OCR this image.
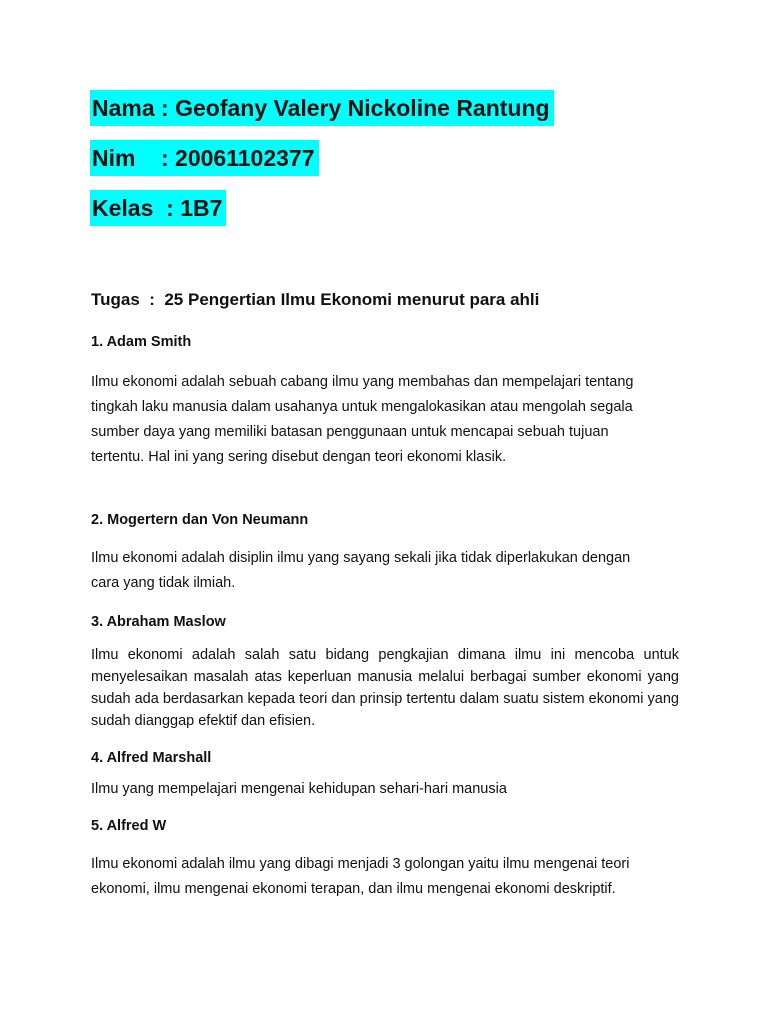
Nama : Geofany Valery Nickoline Rantung
Nim    : 20061102377
Kelas  : 1B7
Tugas  :  25 Pengertian Ilmu Ekonomi menurut para ahli
1. Adam Smith

Ilmu ekonomi adalah sebuah cabang ilmu yang membahas dan mempelajari tentang tingkah laku manusia dalam usahanya untuk mengalokasikan atau mengolah segala sumber daya yang memiliki batasan penggunaan untuk mencapai sebuah tujuan tertentu. Hal ini yang sering disebut dengan teori ekonomi klasik.

2. Mogertern dan Von Neumann

Ilmu ekonomi adalah disiplin ilmu yang sayang sekali jika tidak diperlakukan dengan cara yang tidak ilmiah.

3. Abraham Maslow

Ilmu ekonomi adalah salah satu bidang pengkajian dimana ilmu ini mencoba untuk menyelesaikan masalah atas keperluan manusia melalui berbagai sumber ekonomi yang sudah ada berdasarkan kepada teori dan prinsip tertentu dalam suatu sistem ekonomi yang sudah dianggap efektif dan efisien.

4. Alfred Marshall

Ilmu yang mempelajari mengenai kehidupan sehari-hari manusia

5. Alfred W

Ilmu ekonomi adalah ilmu yang dibagi menjadi 3 golongan yaitu ilmu mengenai teori ekonomi, ilmu mengenai ekonomi terapan, dan ilmu mengenai ekonomi deskriptif.
